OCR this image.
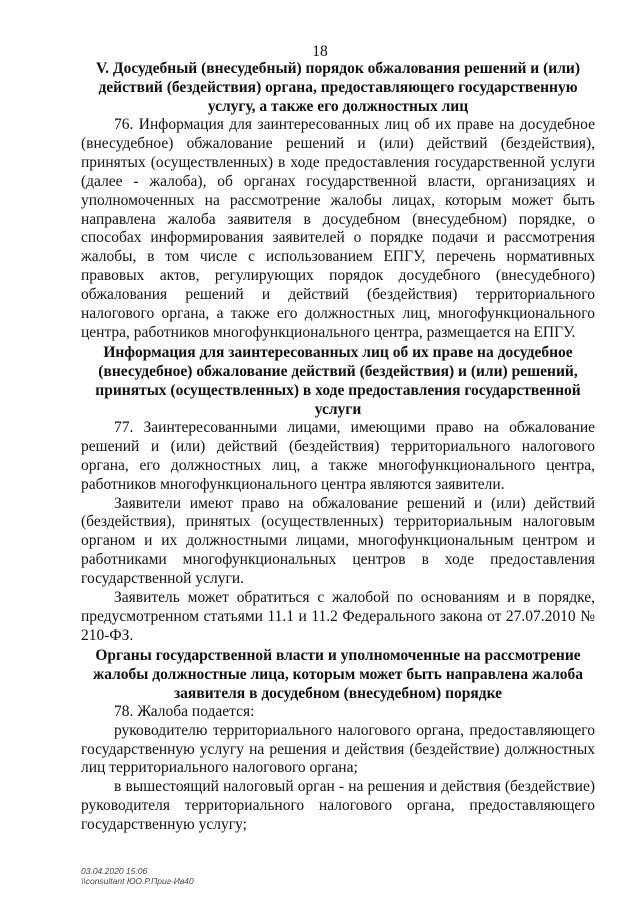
18
V. Досудебный (внесудебный) порядок обжалования решений и (или) действий (бездействия) органа, предоставляющего государственную услугу, а также его должностных лиц

76. Информация для заинтересованных лиц об их праве на досудебное (внесудебное) обжалование решений и (или) действий (бездействия), принятых (осуществленных) в ходе предоставления государственной услуги (далее - жалоба), об органах государственной власти, организациях и уполномоченных на рассмотрение жалобы лицах, которым может быть направлена жалоба заявителя в досудебном (внесудебном) порядке, о способах информирования заявителей о порядке подачи и рассмотрения жалобы, в том числе с использованием ЕПГУ, перечень нормативных правовых актов, регулирующих порядок досудебного (внесудебного) обжалования решений и действий (бездействия) территориального налогового органа, а также его должностных лиц, многофункционального центра, работников многофункционального центра, размещается на ЕПГУ.

Информация для заинтересованных лиц об их праве на досудебное (внесудебное) обжалование действий (бездействия) и (или) решений, принятых (осуществленных) в ходе предоставления государственной услуги

77. Заинтересованными лицами, имеющими право на обжалование решений и (или) действий (бездействия) территориального налогового органа, его должностных лиц, а также многофункционального центра, работников многофункционального центра являются заявители.

Заявители имеют право на обжалование решений и (или) действий (бездействия), принятых (осуществленных) территориальным налоговым органом и их должностными лицами, многофункциональным центром и работниками многофункциональных центров в ходе предоставления государственной услуги.

Заявитель может обратиться с жалобой по основаниям и в порядке, предусмотренном статьями 11.1 и 11.2 Федерального закона от 27.07.2010 № 210-ФЗ.

Органы государственной власти и уполномоченные на рассмотрение жалобы должностные лица, которым может быть направлена жалоба заявителя в досудебном (внесудебном) порядке

78. Жалоба подается:

руководителю территориального налогового органа, предоставляющего государственную услугу на решения и действия (бездействие) должностных лиц территориального налогового органа;

в вышестоящий налоговый орган - на решения и действия (бездействие) руководителя территориального налогового органа, предоставляющего государственную услугу;

03.04.2020 15:06
\\consultant ЮО.Р.Приг-Ив40
